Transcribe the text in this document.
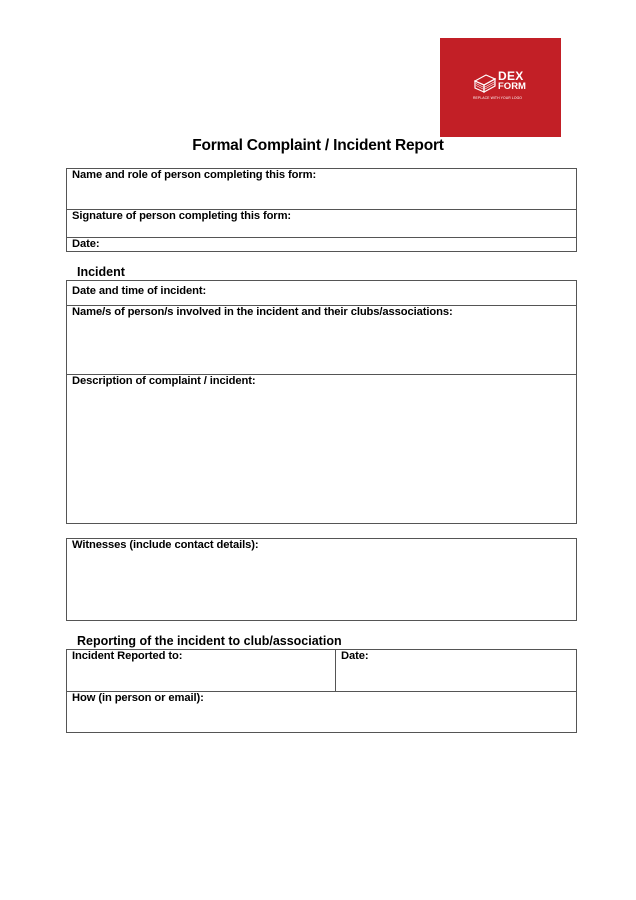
DEX
FORM
REPLACE WITH YOUR LOGO
Formal Complaint / Incident Report
Name and role of person completing this form:
Signature of person completing this form:
Date:
Incident
Date and time of incident:
Name/s of person/s involved in the incident and their clubs/associations:
Description of complaint / incident:
Witnesses (include contact details):
Reporting of the incident to club/association
Incident Reported to:	Date:
How (in person or email):
